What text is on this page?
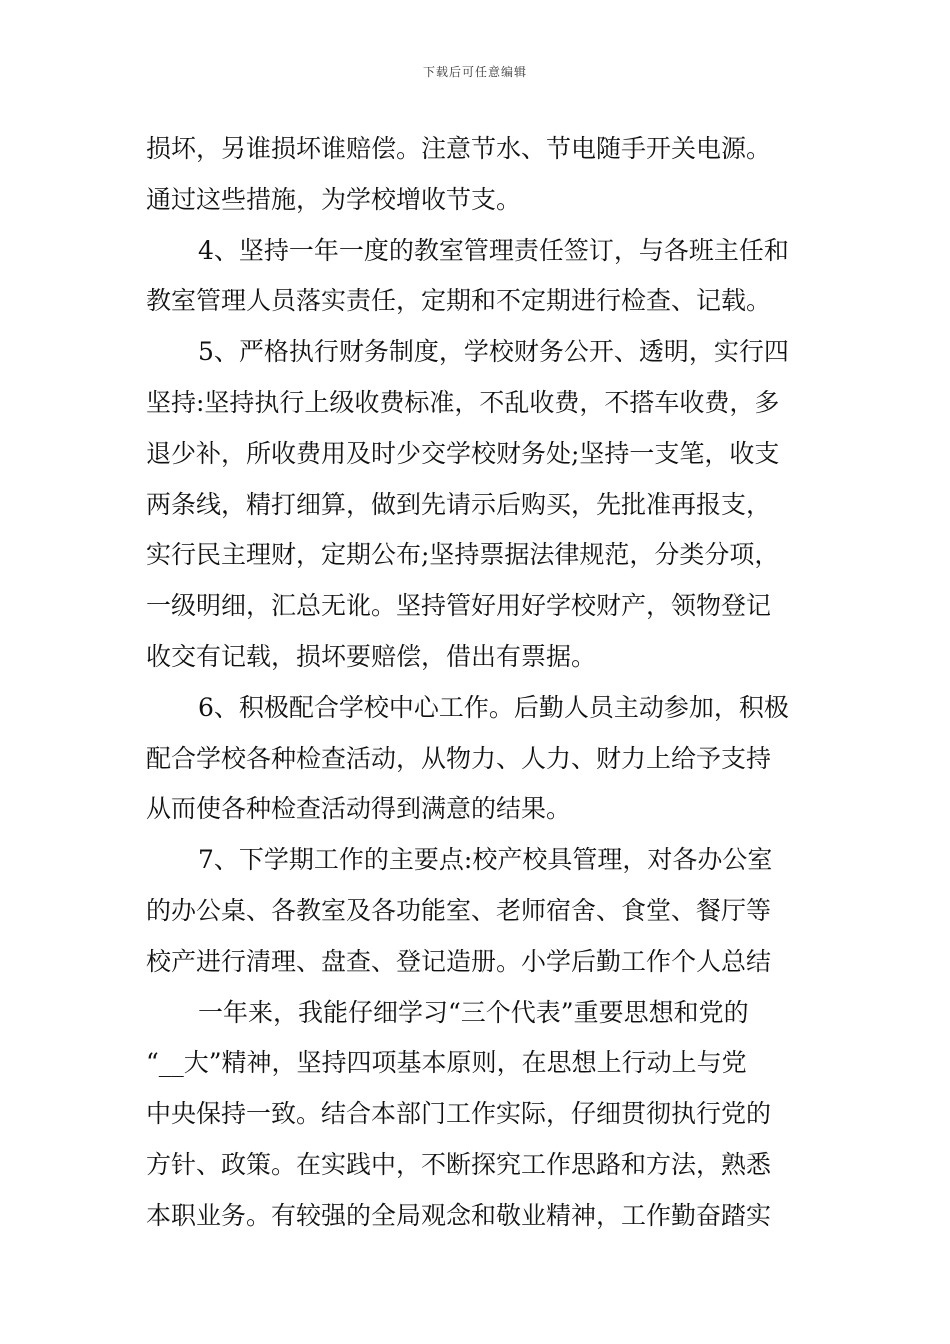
下载后可任意编辑
损坏，另谁损坏谁赔偿。注意节水、节电随手开关电源。
通过这些措施，为学校增收节支。
4、坚持一年一度的教室管理责任签订，与各班主任和
教室管理人员落实责任，定期和不定期进行检查、记载。
5、严格执行财务制度，学校财务公开、透明，实行四
坚持:坚持执行上级收费标准，不乱收费，不搭车收费，多
退少补，所收费用及时少交学校财务处;坚持一支笔，收支
两条线，精打细算，做到先请示后购买，先批准再报支，
实行民主理财，定期公布;坚持票据法律规范，分类分项，
一级明细，汇总无讹。坚持管好用好学校财产，领物登记
收交有记载，损坏要赔偿，借出有票据。
6、积极配合学校中心工作。后勤人员主动参加，积极
配合学校各种检查活动，从物力、人力、财力上给予支持
从而使各种检查活动得到满意的结果。
7、下学期工作的主要点:校产校具管理，对各办公室
的办公桌、各教室及各功能室、老师宿舍、食堂、餐厅等
校产进行清理、盘查、登记造册。小学后勤工作个人总结
一年来，我能仔细学习“三个代表”重要思想和党的
“__大”精神，坚持四项基本原则，在思想上行动上与党
中央保持一致。结合本部门工作实际，仔细贯彻执行党的
方针、政策。在实践中，不断探究工作思路和方法，熟悉
本职业务。有较强的全局观念和敬业精神，工作勤奋踏实
